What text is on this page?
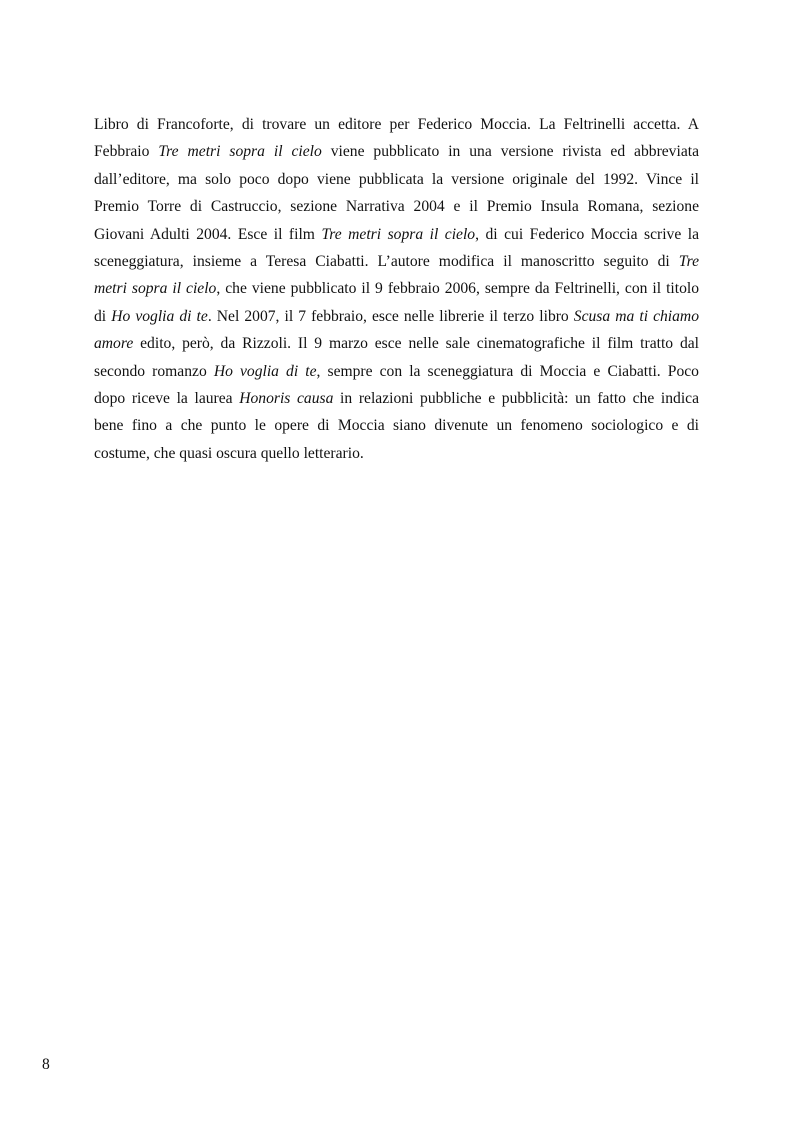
Libro di Francoforte, di trovare un editore per Federico Moccia. La Feltrinelli accetta. A
Febbraio Tre metri sopra il cielo viene pubblicato in una versione rivista ed abbreviata
dall’editore, ma solo poco dopo viene pubblicata la versione originale del 1992. Vince il
Premio Torre di Castruccio, sezione Narrativa 2004 e il Premio Insula Romana, sezione
Giovani Adulti 2004. Esce il film Tre metri sopra il cielo, di cui Federico Moccia scrive la
sceneggiatura, insieme a Teresa Ciabatti. L’autore modifica il manoscritto seguito di Tre
metri sopra il cielo, che viene pubblicato il 9 febbraio 2006, sempre da Feltrinelli, con il titolo
di Ho voglia di te. Nel 2007, il 7 febbraio, esce nelle librerie il terzo libro Scusa ma ti chiamo
amore edito, però, da Rizzoli. Il 9 marzo esce nelle sale cinematografiche il film tratto dal
secondo romanzo Ho voglia di te, sempre con la sceneggiatura di Moccia e Ciabatti. Poco
dopo riceve la laurea Honoris causa in relazioni pubbliche e pubblicità: un fatto che indica
bene fino a che punto le opere di Moccia siano divenute un fenomeno sociologico e di
costume, che quasi oscura quello letterario.
8
